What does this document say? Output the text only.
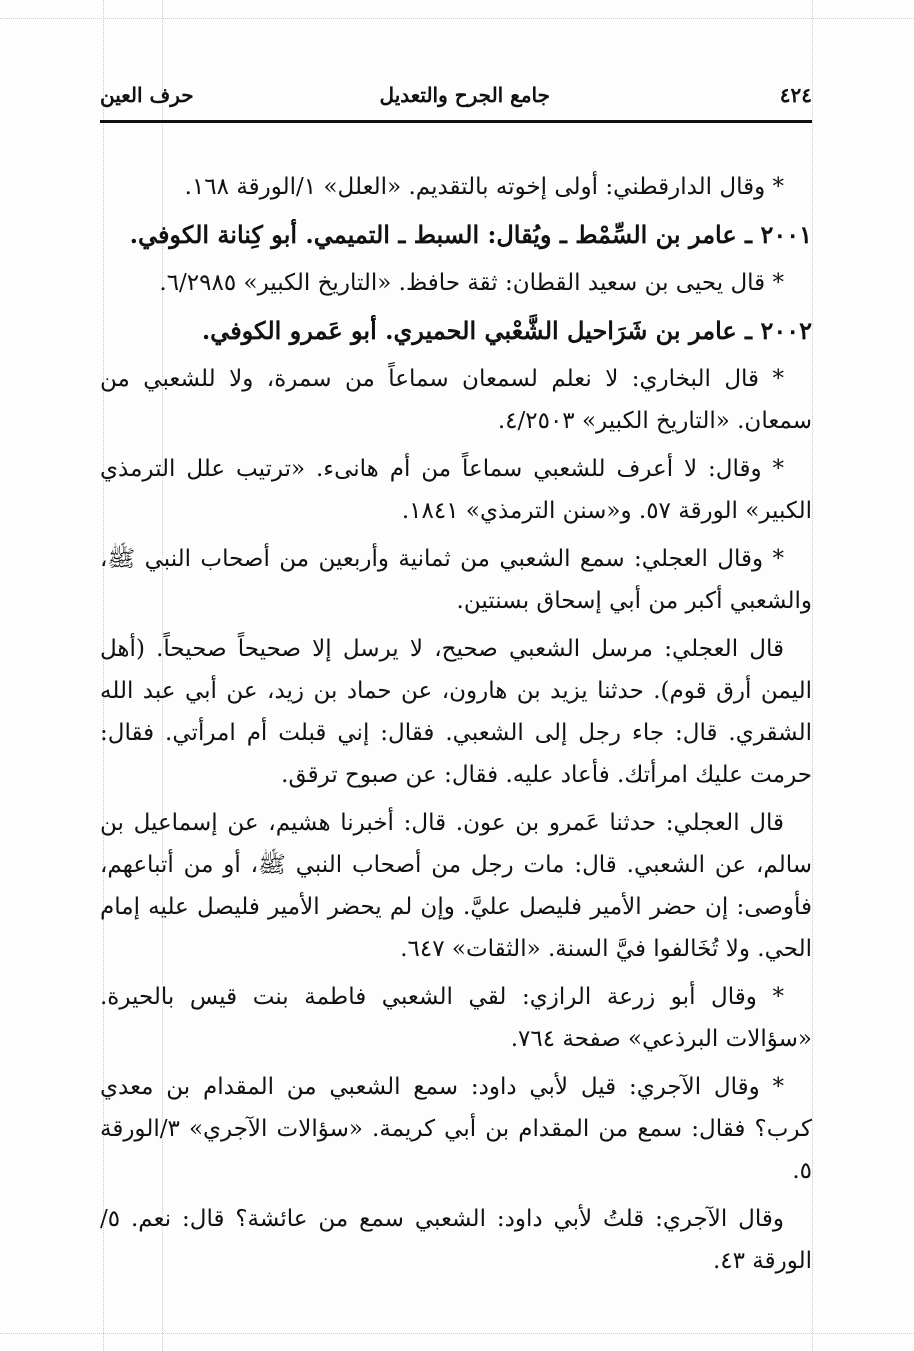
٤٢٤
جامع الجرح والتعديل
حرف العين

* وقال الدارقطني: أولى إخوته بالتقديم. «العلل» ١/الورقة ١٦٨.

٢٠٠١ ـ عامر بن السِّمْط ـ ويُقال: السبط ـ التميمي. أبو كِنانة الكوفي.

* قال يحيى بن سعيد القطان: ثقة حافظ. «التاريخ الكبير» ٦/٢٩٨٥.

٢٠٠٢ ـ عامر بن شَرَاحيل الشَّعْبي الحميري. أبو عَمرو الكوفي.

* قال البخاري: لا نعلم لسمعان سماعاً من سمرة، ولا للشعبي من سمعان. «التاريخ الكبير» ٤/٢٥٠٣.

* وقال: لا أعرف للشعبي سماعاً من أم هانىء. «ترتيب علل الترمذي الكبير» الورقة ٥٧. و«سنن الترمذي» ١٨٤١.

* وقال العجلي: سمع الشعبي من ثمانية وأربعين من أصحاب النبي ﷺ، والشعبي أكبر من أبي إسحاق بسنتين.

قال العجلي: مرسل الشعبي صحيح، لا يرسل إلا صحيحاً صحيحاً. (أهل اليمن أرق قوم). حدثنا يزيد بن هارون، عن حماد بن زيد، عن أبي عبد الله الشقري. قال: جاء رجل إلى الشعبي. فقال: إني قبلت أم امرأتي. فقال: حرمت عليك امرأتك. فأعاد عليه. فقال: عن صبوح ترقق.

قال العجلي: حدثنا عَمرو بن عون. قال: أخبرنا هشيم، عن إسماعيل بن سالم، عن الشعبي. قال: مات رجل من أصحاب النبي ﷺ، أو من أتباعهم، فأوصى: إن حضر الأمير فليصل عليَّ. وإن لم يحضر الأمير فليصل عليه إمام الحي. ولا تُخَالفوا فيَّ السنة. «الثقات» ٦٤٧.

* وقال أبو زرعة الرازي: لقي الشعبي فاطمة بنت قيس بالحيرة. «سؤالات البرذعي» صفحة ٧٦٤.

* وقال الآجري: قيل لأبي داود: سمع الشعبي من المقدام بن معدي كرب؟ فقال: سمع من المقدام بن أبي كريمة. «سؤالات الآجري» ٣/الورقة ٥.

وقال الآجري: قلتُ لأبي داود: الشعبي سمع من عائشة؟ قال: نعم. ٥/الورقة ٤٣.
